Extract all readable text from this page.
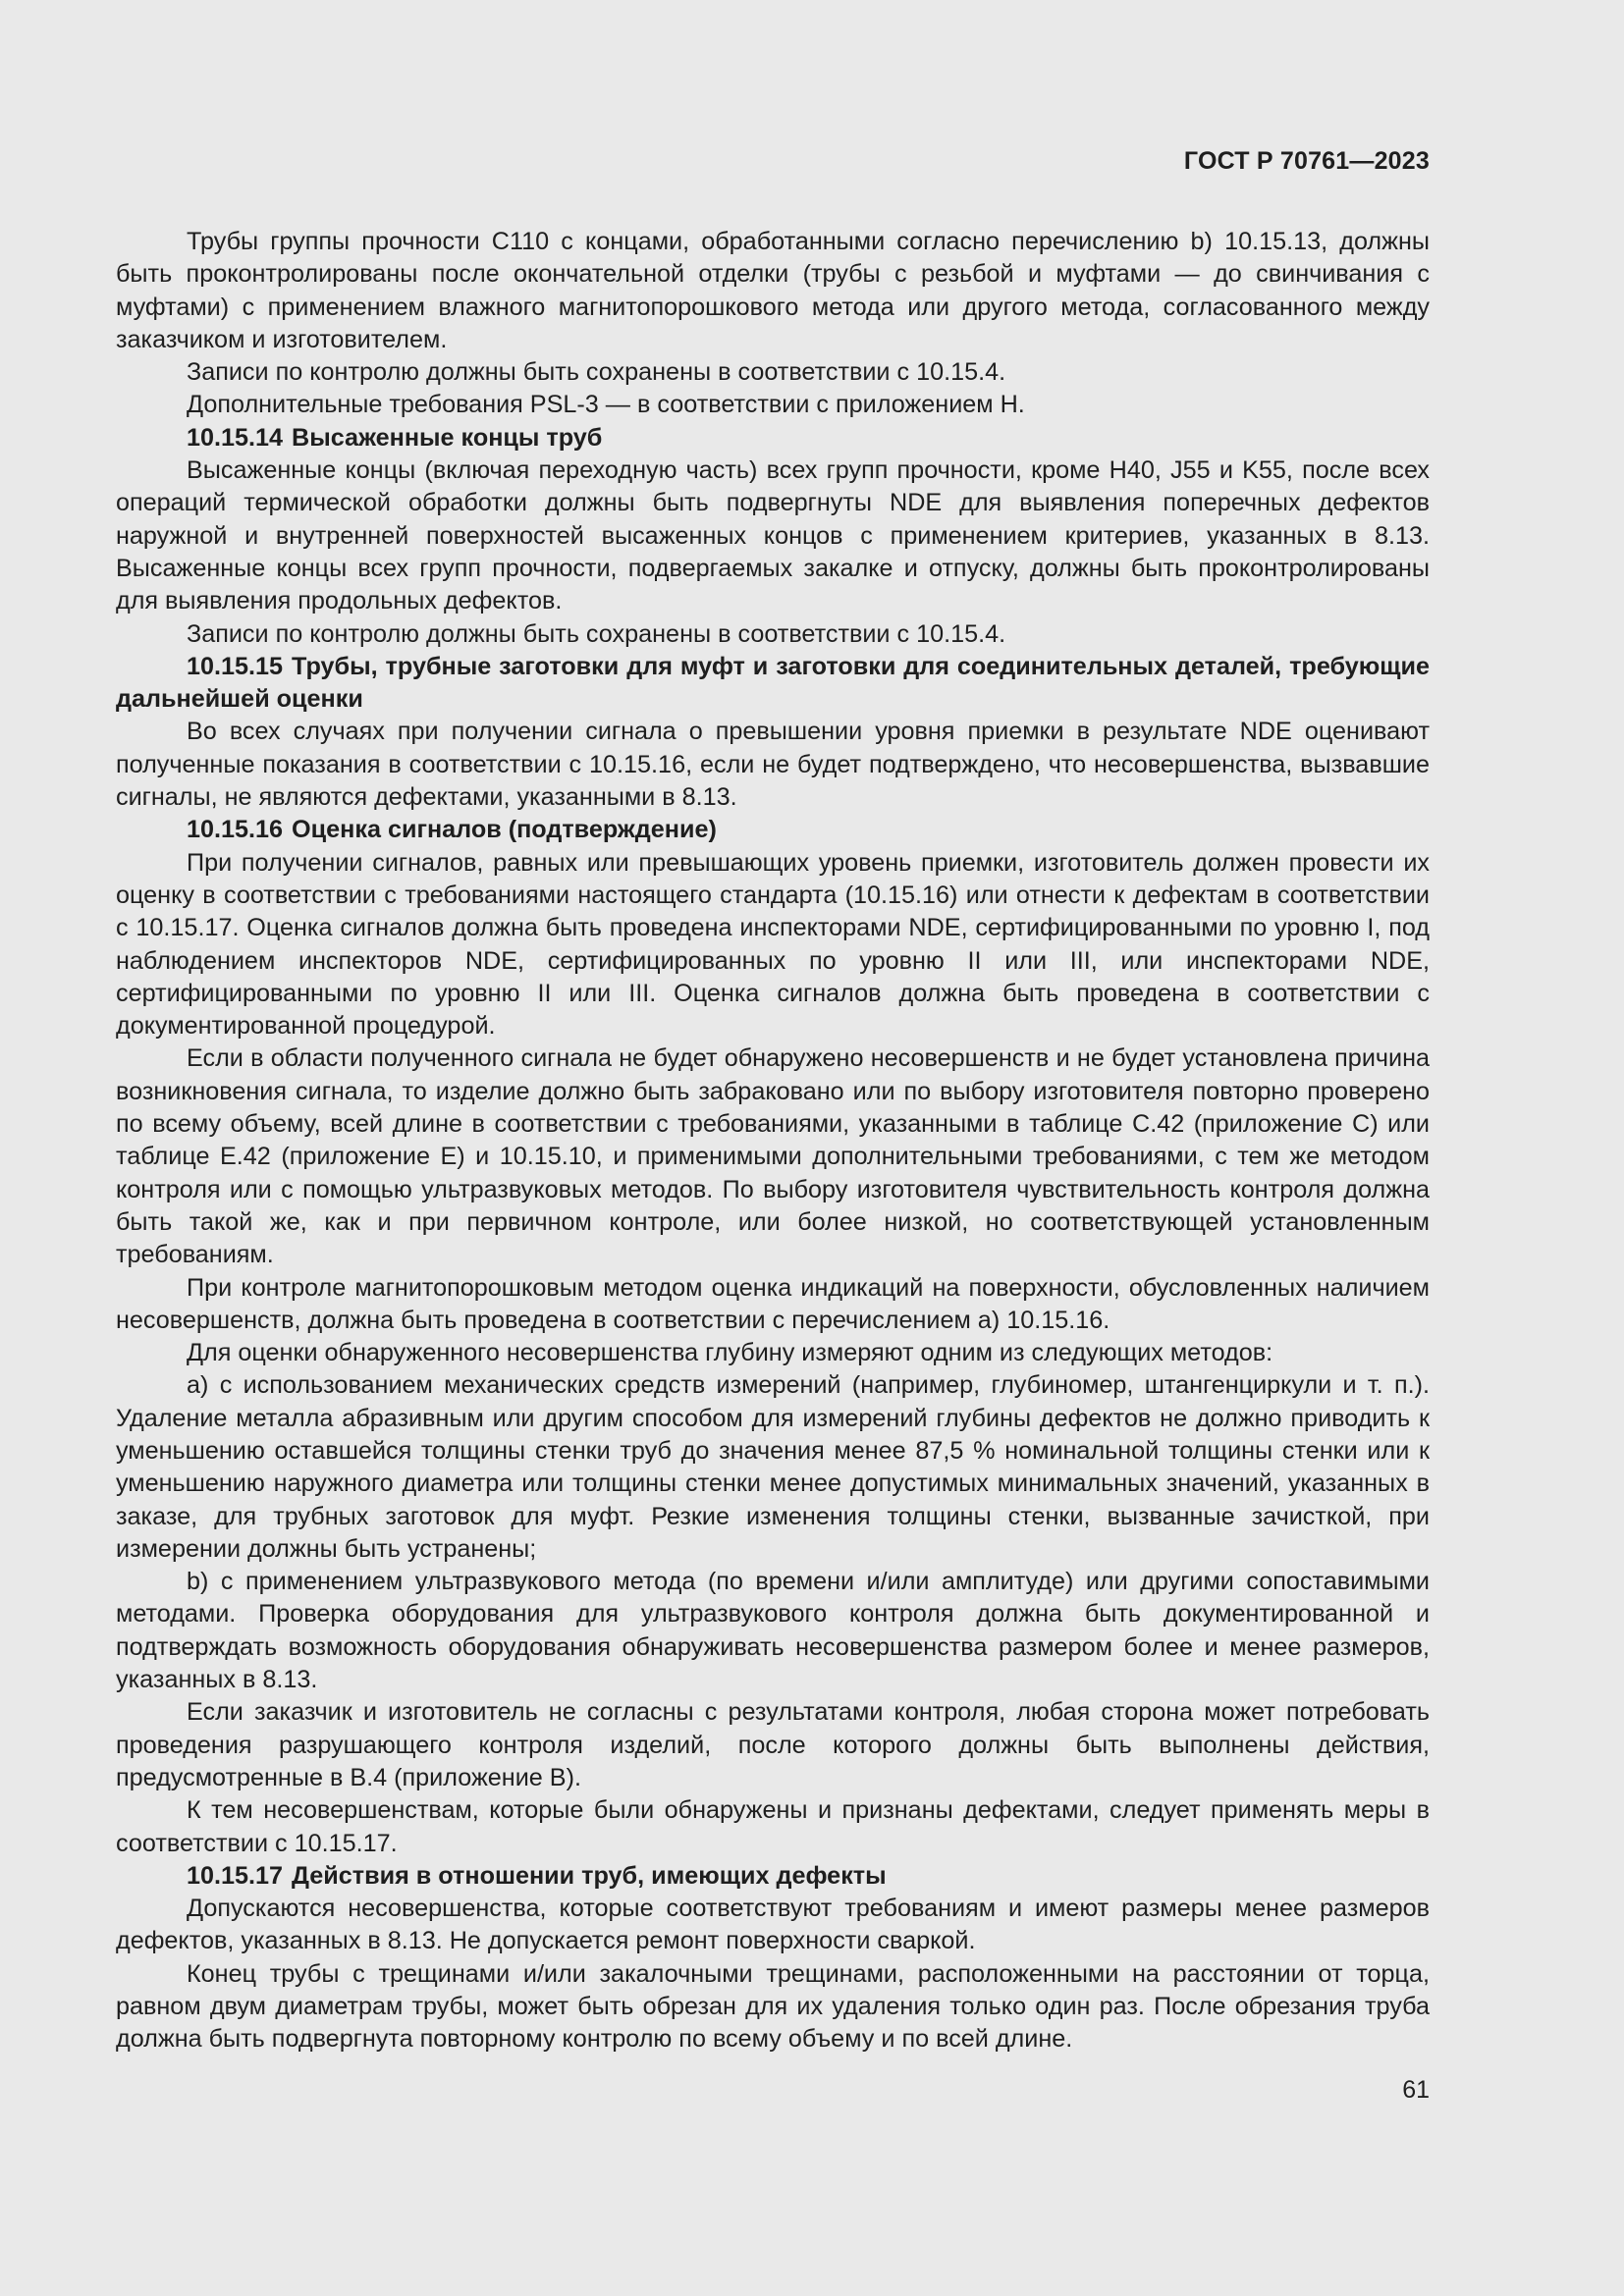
ГОСТ Р 70761—2023

Трубы группы прочности С110 с концами, обработанными согласно перечислению b) 10.15.13, должны быть проконтролированы после окончательной отделки (трубы с резьбой и муфтами — до свинчивания с муфтами) с применением влажного магнитопорошкового метода или другого метода, согласованного между заказчиком и изготовителем.

Записи по контролю должны быть сохранены в соответствии с 10.15.4.

Дополнительные требования PSL-3 — в соответствии с приложением Н.

10.15.14 Высаженные концы труб

Высаженные концы (включая переходную часть) всех групп прочности, кроме Н40, J55 и K55, после всех операций термической обработки должны быть подвергнуты NDE для выявления поперечных дефектов наружной и внутренней поверхностей высаженных концов с применением критериев, указанных в 8.13. Высаженные концы всех групп прочности, подвергаемых закалке и отпуску, должны быть проконтролированы для выявления продольных дефектов.

Записи по контролю должны быть сохранены в соответствии с 10.15.4.

10.15.15 Трубы, трубные заготовки для муфт и заготовки для соединительных деталей, требующие дальнейшей оценки

Во всех случаях при получении сигнала о превышении уровня приемки в результате NDE оценивают полученные показания в соответствии с 10.15.16, если не будет подтверждено, что несовершенства, вызвавшие сигналы, не являются дефектами, указанными в 8.13.

10.15.16 Оценка сигналов (подтверждение)

При получении сигналов, равных или превышающих уровень приемки, изготовитель должен провести их оценку в соответствии с требованиями настоящего стандарта (10.15.16) или отнести к дефектам в соответствии с 10.15.17. Оценка сигналов должна быть проведена инспекторами NDE, сертифицированными по уровню I, под наблюдением инспекторов NDE, сертифицированных по уровню II или III, или инспекторами NDE, сертифицированными по уровню II или III. Оценка сигналов должна быть проведена в соответствии с документированной процедурой.

Если в области полученного сигнала не будет обнаружено несовершенств и не будет установлена причина возникновения сигнала, то изделие должно быть забраковано или по выбору изготовителя повторно проверено по всему объему, всей длине в соответствии с требованиями, указанными в таблице С.42 (приложение С) или таблице Е.42 (приложение Е) и 10.15.10, и применимыми дополнительными требованиями, с тем же методом контроля или с помощью ультразвуковых методов. По выбору изготовителя чувствительность контроля должна быть такой же, как и при первичном контроле, или более низкой, но соответствующей установленным требованиям.

При контроле магнитопорошковым методом оценка индикаций на поверхности, обусловленных наличием несовершенств, должна быть проведена в соответствии с перечислением а) 10.15.16.

Для оценки обнаруженного несовершенства глубину измеряют одним из следующих методов:

а) с использованием механических средств измерений (например, глубиномер, штангенциркули и т. п.). Удаление металла абразивным или другим способом для измерений глубины дефектов не должно приводить к уменьшению оставшейся толщины стенки труб до значения менее 87,5 % номинальной толщины стенки или к уменьшению наружного диаметра или толщины стенки менее допустимых минимальных значений, указанных в заказе, для трубных заготовок для муфт. Резкие изменения толщины стенки, вызванные зачисткой, при измерении должны быть устранены;

b) с применением ультразвукового метода (по времени и/или амплитуде) или другими сопоставимыми методами. Проверка оборудования для ультразвукового контроля должна быть документированной и подтверждать возможность оборудования обнаруживать несовершенства размером более и менее размеров, указанных в 8.13.

Если заказчик и изготовитель не согласны с результатами контроля, любая сторона может потребовать проведения разрушающего контроля изделий, после которого должны быть выполнены действия, предусмотренные в В.4 (приложение В).

К тем несовершенствам, которые были обнаружены и признаны дефектами, следует применять меры в соответствии с 10.15.17.

10.15.17 Действия в отношении труб, имеющих дефекты

Допускаются несовершенства, которые соответствуют требованиям и имеют размеры менее размеров дефектов, указанных в 8.13. Не допускается ремонт поверхности сваркой.

Конец трубы с трещинами и/или закалочными трещинами, расположенными на расстоянии от торца, равном двум диаметрам трубы, может быть обрезан для их удаления только один раз. После обрезания труба должна быть подвергнута повторному контролю по всему объему и по всей длине.

61
